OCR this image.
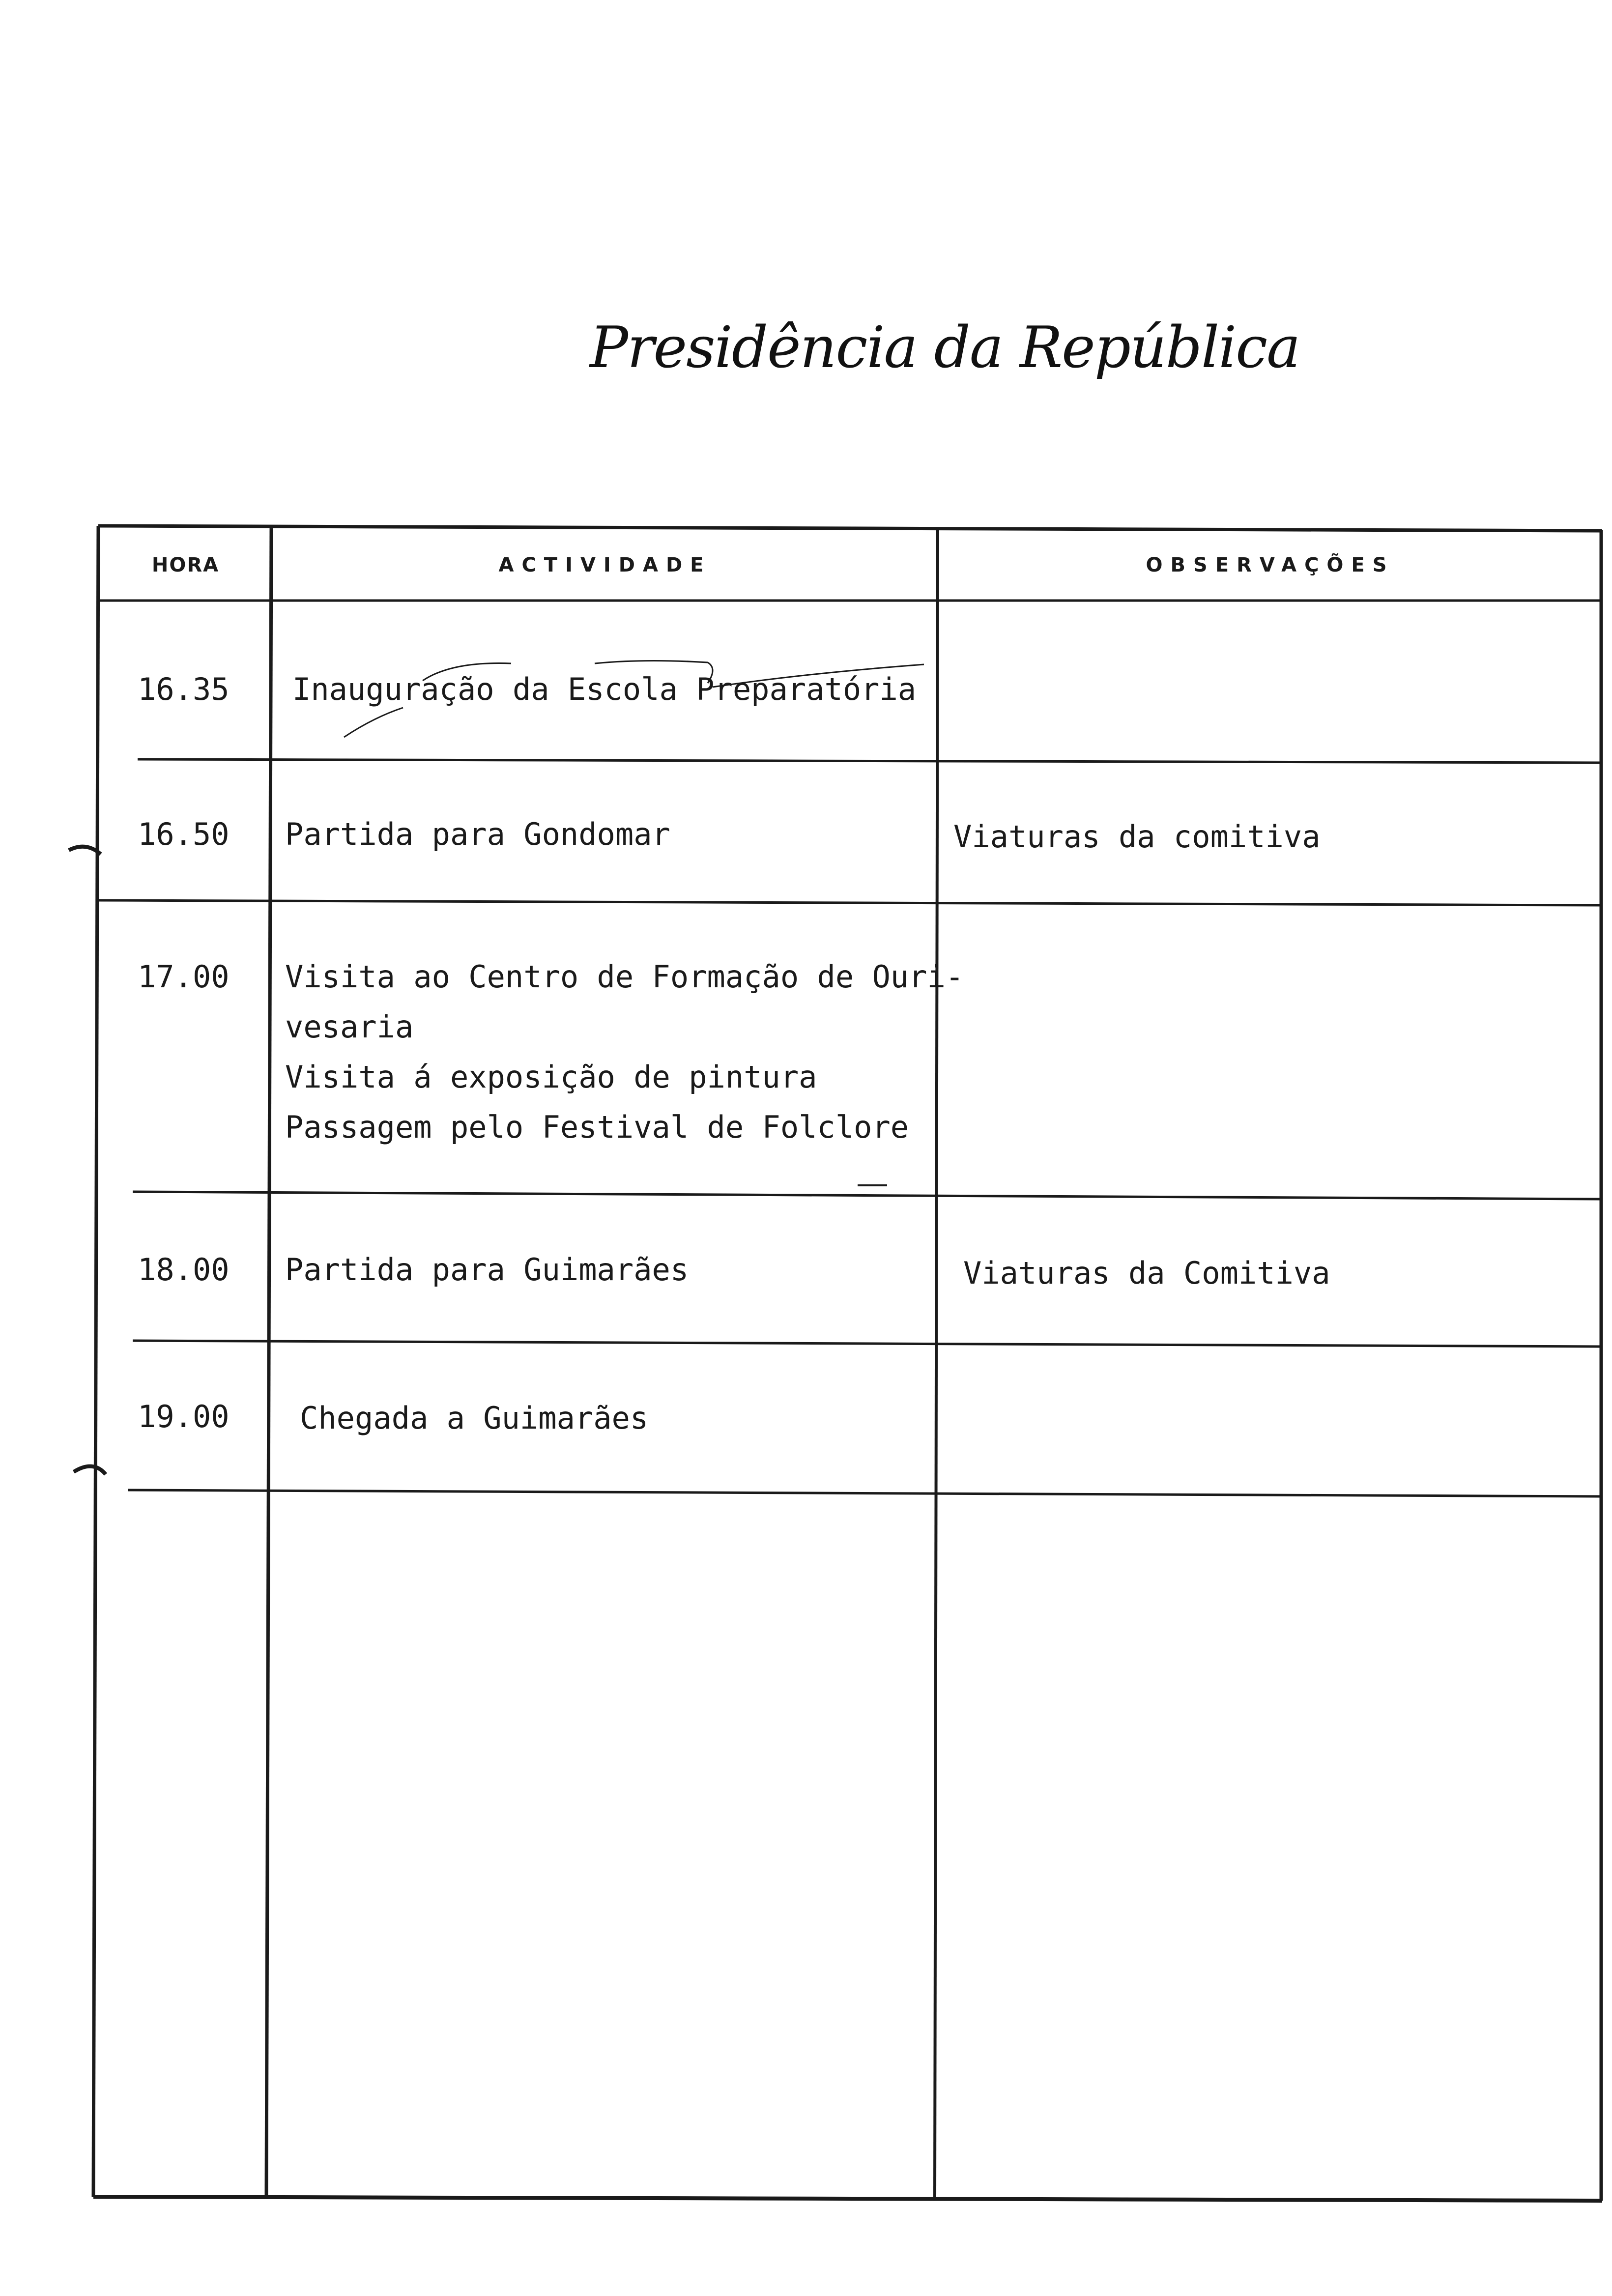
Presidência da República
HORA	ACTIVIDADE	OBSERVAÇÕES
16.35 Inauguração da Escola Preparatória
16.50 Partida para Gondomar	Viaturas da comitiva
17.00 Visita ao Centro de Formação de Ouri-
vesaria
Visita á exposição de pintura
Passagem pelo Festival de Folclore
18.00 Partida para Guimarães	Viaturas da Comitiva
19.00 Chegada a Guimarães
